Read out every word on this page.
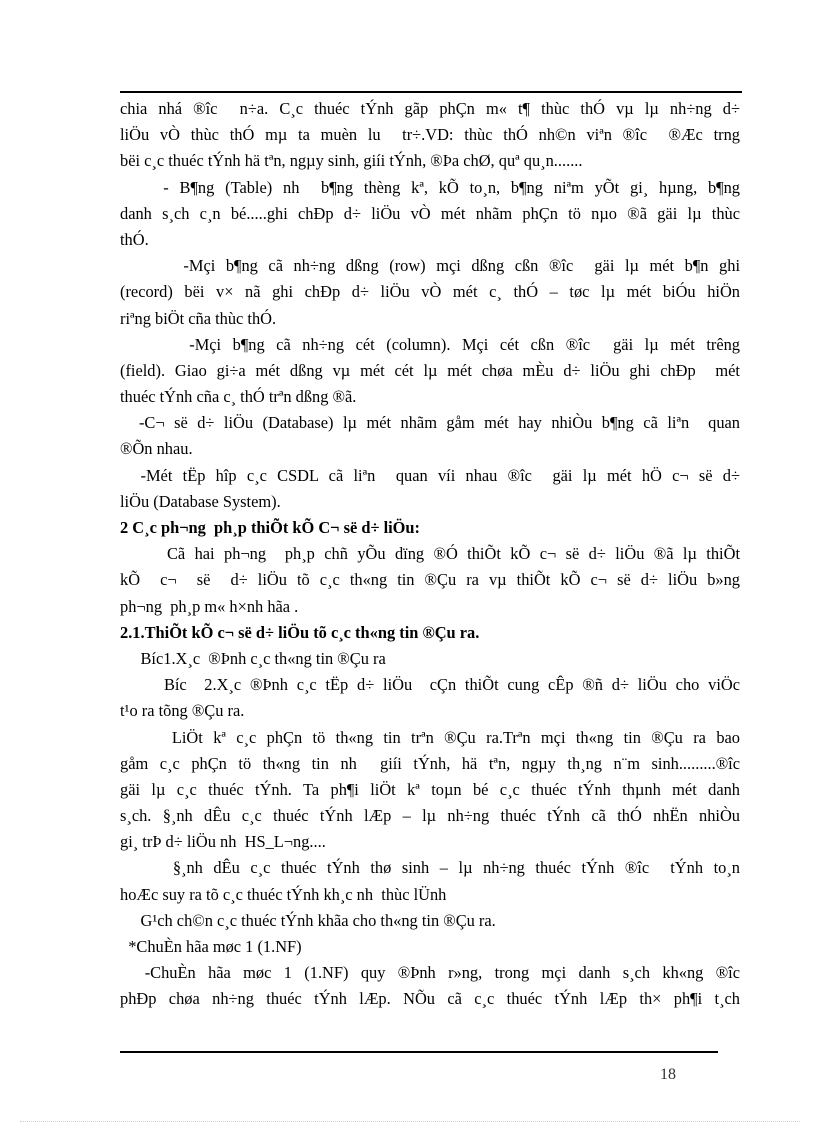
chia nhá ®îc  n÷a. C¸c thuéc tÝnh gãp phÇn m« t¶ thùc thÓ vµ lµ nh÷ng d÷
liÖu vÒ thùc thÓ mµ ta muèn lu  tr÷.VD: thùc thÓ nh©n viªn ®îc  ®Æc trng
bëi c¸c thuéc tÝnh hä tªn, ngµy sinh, giíi tÝnh, ®Þa chØ, quª qu¸n.......
- B¶ng (Table) nh  b¶ng thèng kª, kÕ to¸n, b¶ng niªm yÕt gi¸ hµng, b¶ng
danh s¸ch c¸n bé.....ghi chÐp d÷ liÖu vÒ mét nhãm phÇn tö nµo ®ã gäi lµ thùc
thÓ.
-Mçi b¶ng cã nh÷ng dßng (row) mçi dßng cßn ®îc  gäi lµ mét b¶n ghi
(record) bëi v× nã ghi chÐp d÷ liÖu vÒ mét c¸ thÓ – tøc lµ mét biÓu hiÖn
riªng biÖt cña thùc thÓ.
-Mçi b¶ng cã nh÷ng cét (column). Mçi cét cßn ®îc  gäi lµ mét trêng
(field). Giao gi÷a mét dßng vµ mét cét lµ mét chøa mÈu d÷ liÖu ghi chÐp  mét
thuéc tÝnh cña c¸ thÓ trªn dßng ®ã.
-C¬ së d÷ liÖu (Database) lµ mét nhãm gåm mét hay nhiÒu b¶ng cã liªn  quan
®Õn nhau.
-Mét tËp hîp c¸c CSDL cã liªn  quan víi nhau ®îc  gäi lµ mét hÖ c¬ së d÷
liÖu (Database System).
2 C¸c ph¬ng  ph¸p thiÕt kÕ C¬ së d÷ liÖu:
Cã hai ph¬ng  ph¸p chñ yÕu dïng ®Ó thiÕt kÕ c¬ së d÷ liÖu ®ã lµ thiÕt
kÕ  c¬  së  d÷ liÖu tõ c¸c th«ng tin ®Çu ra vµ thiÕt kÕ c¬ së d÷ liÖu b»ng
ph¬ng  ph¸p m« h×nh hãa .
2.1.ThiÕt kÕ c¬ së d÷ liÖu tõ c¸c th«ng tin ®Çu ra.
Bíc1.X¸c  ®Þnh c¸c th«ng tin ®Çu ra
Bíc  2.X¸c ®Þnh c¸c tËp d÷ liÖu  cÇn thiÕt cung cÊp ®ñ d÷ liÖu cho viÖc
t¹o ra tõng ®Çu ra.
LiÖt kª c¸c phÇn tö th«ng tin trªn ®Çu ra.Trªn mçi th«ng tin ®Çu ra bao
gåm c¸c phÇn tö th«ng tin nh  giíi tÝnh, hä tªn, ngµy th¸ng n¨m sinh.........®îc
gäi lµ c¸c thuéc tÝnh. Ta ph¶i liÖt kª toµn bé c¸c thuéc tÝnh thµnh mét danh
s¸ch. §¸nh dÊu c¸c thuéc tÝnh lÆp – lµ nh÷ng thuéc tÝnh cã thÓ nhËn nhiÒu
gi¸ trÞ d÷ liÖu nh  HS_L¬ng....
§¸nh dÊu c¸c thuéc tÝnh thø sinh – lµ nh÷ng thuéc tÝnh ®îc  tÝnh to¸n
hoÆc suy ra tõ c¸c thuéc tÝnh kh¸c nh  thùc lÜnh
G¹ch ch©n c¸c thuéc tÝnh khãa cho th«ng tin ®Çu ra.
*ChuÈn hãa møc 1 (1.NF)
-ChuÈn hãa møc 1 (1.NF) quy ®Þnh r»ng, trong mçi danh s¸ch kh«ng ®îc
phÐp chøa nh÷ng thuéc tÝnh lÆp. NÕu cã c¸c thuéc tÝnh lÆp th× ph¶i t¸ch
18
